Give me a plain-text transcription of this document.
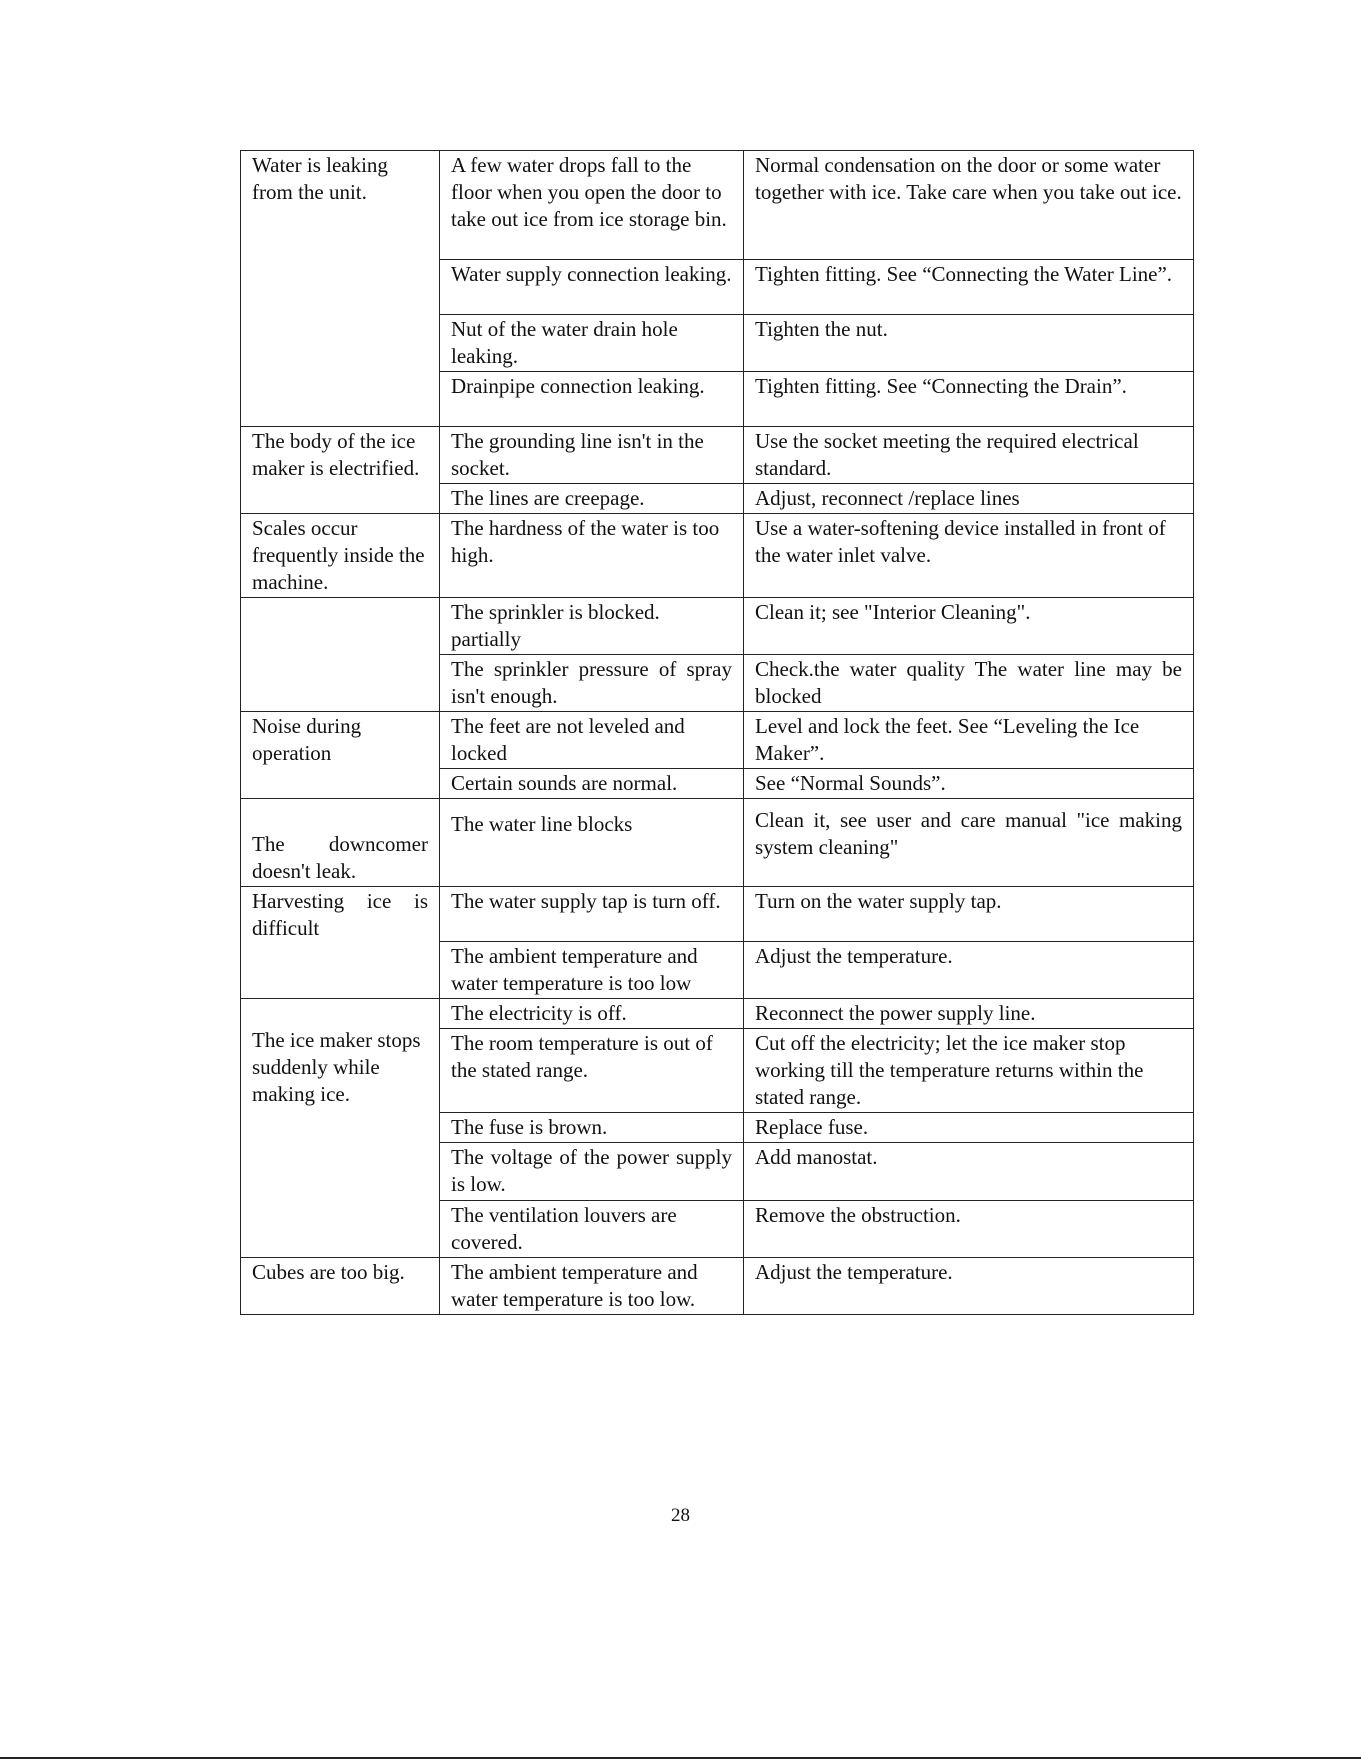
Water is leaking from the unit.	A few water drops fall to the floor when you open the door to take out ice from ice storage bin.	Normal condensation on the door or some water together with ice. Take care when you take out ice.
	Water supply connection leaking.	Tighten fitting. See “Connecting the Water Line”.
	Nut of the water drain hole leaking.	Tighten the nut.
	Drainpipe connection leaking.	Tighten fitting. See “Connecting the Drain”.
The body of the ice maker is electrified.	The grounding line isn't in the socket.	Use the socket meeting the required electrical standard.
	The lines are creepage.	Adjust, reconnect /replace lines
Scales occur frequently inside the machine.	The hardness of the water is too high.	Use a water-softening device installed in front of the water inlet valve.
	The sprinkler is blocked. partially	Clean it; see "Interior Cleaning".
	The sprinkler pressure of spray isn't enough.	Check.the water quality The water line may be blocked
Noise during operation	The feet are not leveled and locked	Level and lock the feet. See “Leveling the Ice Maker”.
	Certain sounds are normal.	See “Normal Sounds”.
The downcomer doesn't leak.	The water line blocks	Clean it, see user and care manual "ice making system cleaning"
Harvesting ice is difficult	The water supply tap is turn off.	Turn on the water supply tap.
	The ambient temperature and water temperature is too low	Adjust the temperature.
The ice maker stops suddenly while making ice.	The electricity is off.	Reconnect the power supply line.
	The room temperature is out of the stated range.	Cut off the electricity; let the ice maker stop working till the temperature returns within the stated range.
	The fuse is brown.	Replace fuse.
	The voltage of the power supply is low.	Add manostat.
	The ventilation louvers are covered.	Remove the obstruction.
Cubes are too big.	The ambient temperature and water temperature is too low.	Adjust the temperature.
28
